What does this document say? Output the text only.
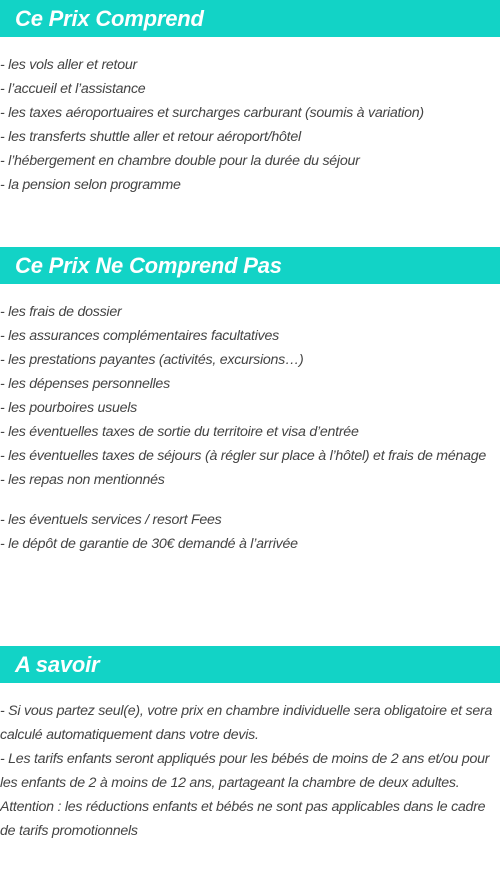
Ce Prix Comprend
- les vols aller et retour
- l’accueil et l’assistance
- les taxes aéroportuaires et surcharges carburant (soumis à variation)
- les transferts shuttle aller et retour aéroport/hôtel
- l’hébergement en chambre double pour la durée du séjour
- la pension selon programme
Ce Prix Ne Comprend Pas
- les frais de dossier
- les assurances complémentaires facultatives
- les prestations payantes (activités, excursions…)
- les dépenses personnelles
- les pourboires usuels
- les éventuelles taxes de sortie du territoire et visa d’entrée
- les éventuelles taxes de séjours (à régler sur place à l’hôtel) et frais de ménage
- les repas non mentionnés
- les éventuels services / resort Fees
- le dépôt de garantie de 30€ demandé à l’arrivée
A savoir

- Si vous partez seul(e), votre prix en chambre individuelle sera obligatoire et sera calculé automatiquement dans votre devis.

- Les tarifs enfants seront appliqués pour les bébés de moins de 2 ans et/ou pour les enfants de 2 à moins de 12 ans, partageant la chambre de deux adultes.

Attention : les réductions enfants et bébés ne sont pas applicables dans le cadre de tarifs promotionnels
